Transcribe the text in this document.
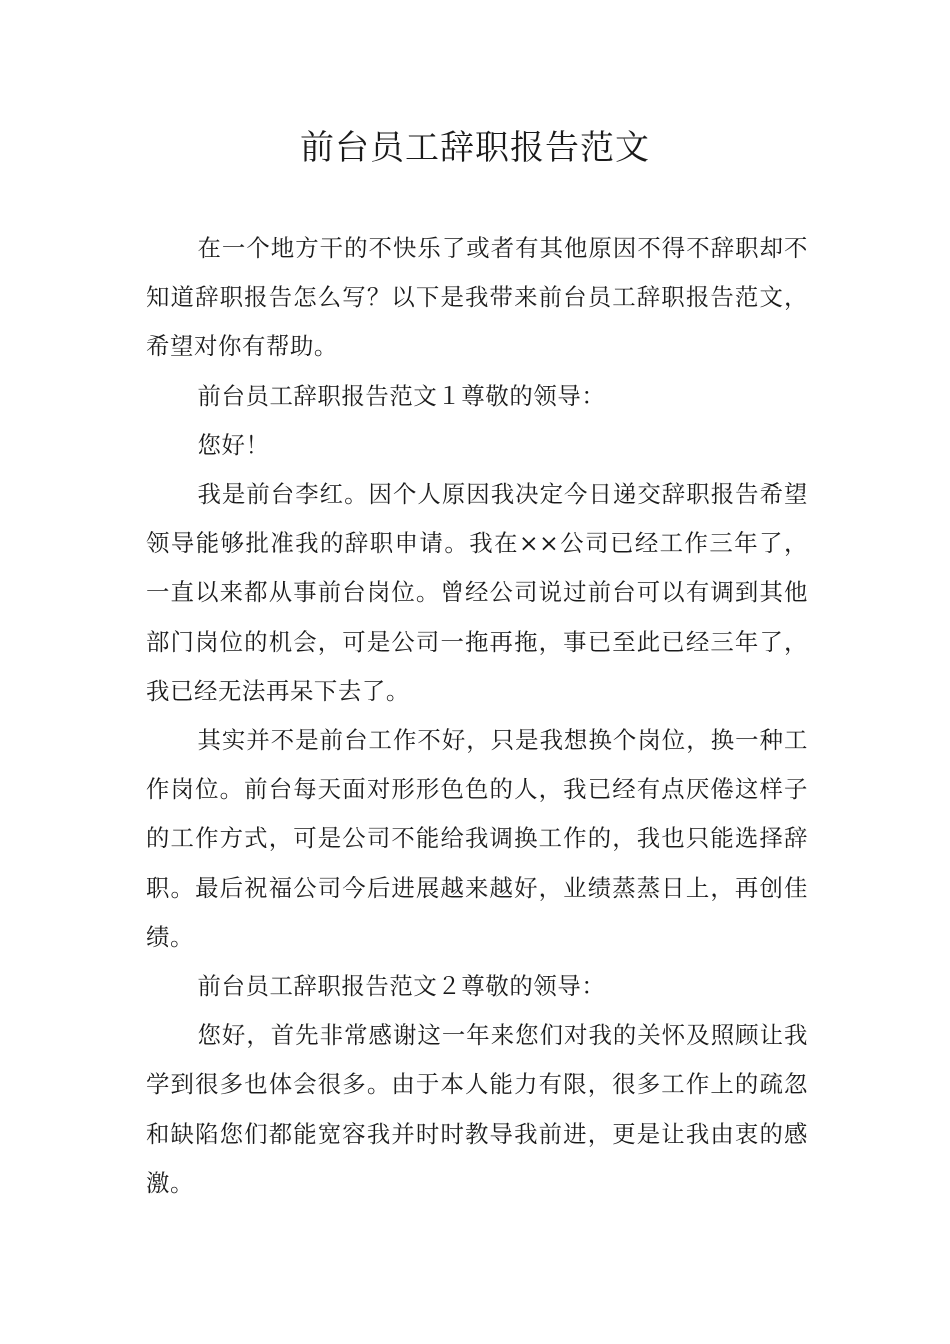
前台员工辞职报告范文

在一个地方干的不快乐了或者有其他原因不得不辞职却不知道辞职报告怎么写？以下是我带来前台员工辞职报告范文，希望对你有帮助。

前台员工辞职报告范文１尊敬的领导：

您好！

我是前台李红。因个人原因我决定今日递交辞职报告希望领导能够批准我的辞职申请。我在××公司已经工作三年了，一直以来都从事前台岗位。曾经公司说过前台可以有调到其他部门岗位的机会，可是公司一拖再拖，事已至此已经三年了，我已经无法再呆下去了。

其实并不是前台工作不好，只是我想换个岗位，换一种工作岗位。前台每天面对形形色色的人，我已经有点厌倦这样子的工作方式，可是公司不能给我调换工作的，我也只能选择辞职。最后祝福公司今后进展越来越好，业绩蒸蒸日上，再创佳绩。

前台员工辞职报告范文２尊敬的领导：

您好，首先非常感谢这一年来您们对我的关怀及照顾让我学到很多也体会很多。由于本人能力有限，很多工作上的疏忽和缺陷您们都能宽容我并时时教导我前进，更是让我由衷的感激。
